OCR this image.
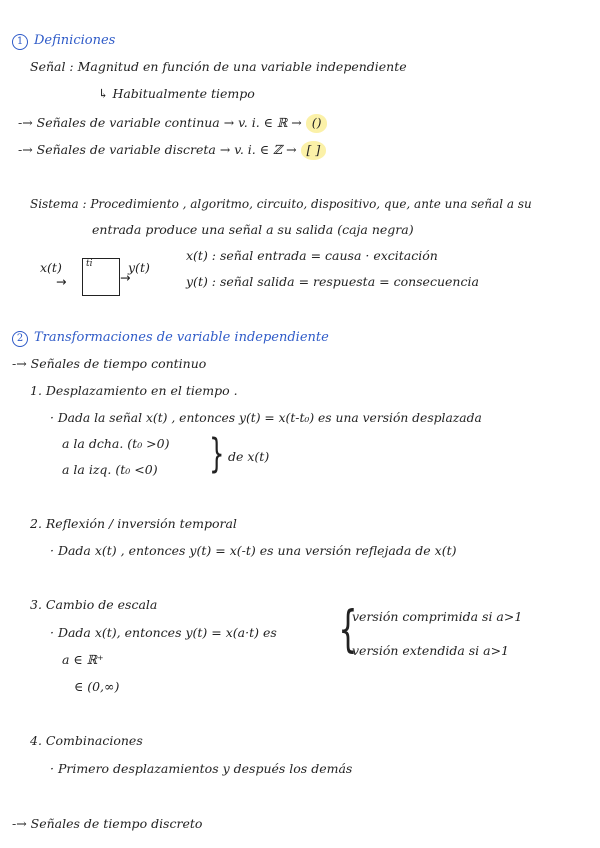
1 Definiciones
Señal : Magnitud en función de una variable independiente
↳ Habitualmente tiempo
-→ Señales de variable continua → v. i. ∈ ℝ → ()
-→ Señales de variable discreta → v. i. ∈ ℤ → [ ]
Sistema : Procedimiento , algoritmo, circuito, dispositivo, que, ante una señal a su
entrada produce una señal a su salida (caja negra)
x(t)
→
ti	y(t)
→
x(t) : señal entrada = causa · excitación
y(t) : señal salida = respuesta = consecuencia
2 Transformaciones de variable independiente
-→ Señales de tiempo continuo
1. Desplazamiento en el tiempo .
· Dada la señal x(t) , entonces y(t) = x(t-t₀) es una versión desplazada
a la dcha. (t₀ >0)
a la izq. (t₀ <0) } de x(t)
2. Reflexión / inversión temporal
· Dada x(t) , entonces y(t) = x(-t) es una versión reflejada de x(t)
3. Cambio de escala
· Dada x(t), entonces y(t) = x(a·t) es
a ∈ ℝ⁺
∈ (0,∞)
{
versión comprimida si a>1
versión extendida si a>1
4. Combinaciones
· Primero desplazamientos y después los demás
-→ Señales de tiempo discreto
